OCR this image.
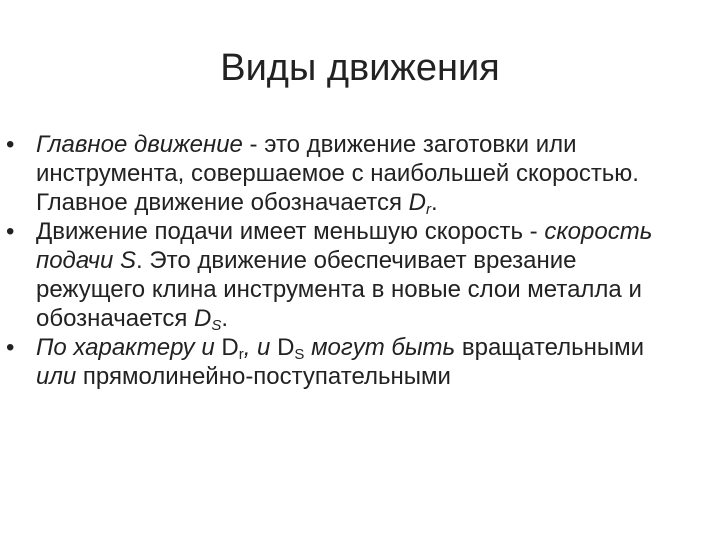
Виды движения
• Главное движение - это движение заготовки или инструмента, совершаемое с наибольшей скоростью. Главное движение обозначается $D_r$.
• Движение подачи имеет меньшую скорость - скорость подачи S. Это движение обеспечивает врезание режущего клина инструмента в новые слои металла и обозначается $D_S$.
• По характеру и $D_r$, и $D_S$ могут быть вращательными или прямолинейно-поступательными
